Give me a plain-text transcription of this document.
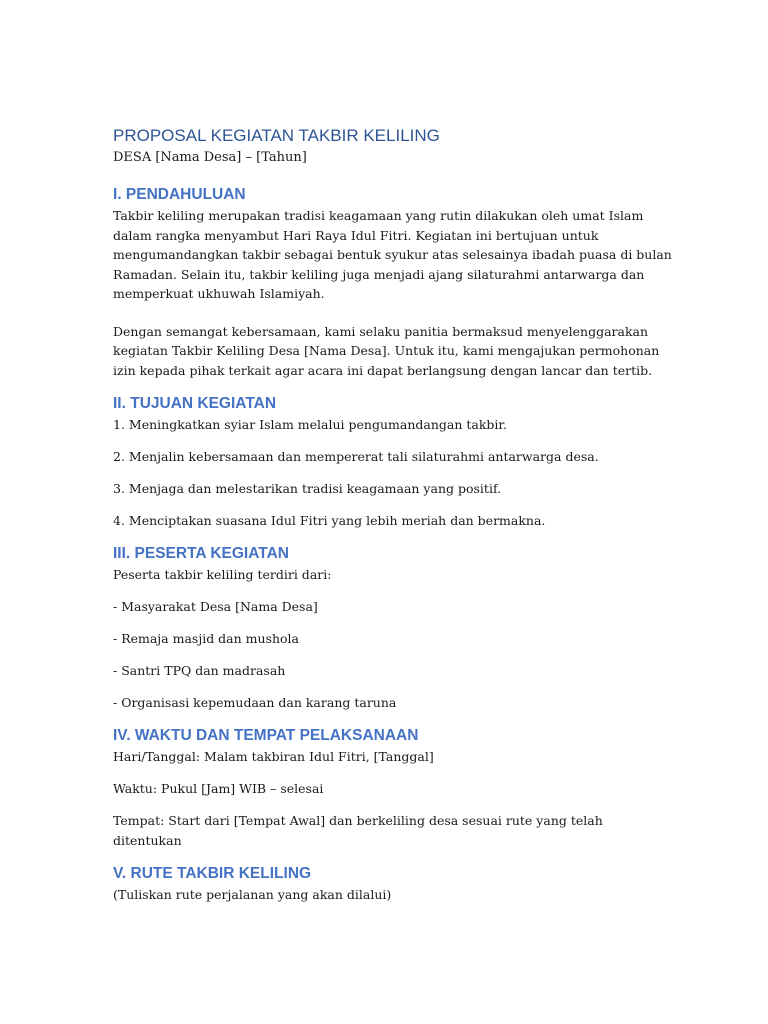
PROPOSAL KEGIATAN TAKBIR KELILING

DESA [Nama Desa] – [Tahun]

I. PENDAHULUAN

Takbir keliling merupakan tradisi keagamaan yang rutin dilakukan oleh umat Islam dalam rangka menyambut Hari Raya Idul Fitri. Kegiatan ini bertujuan untuk mengumandangkan takbir sebagai bentuk syukur atas selesainya ibadah puasa di bulan Ramadan. Selain itu, takbir keliling juga menjadi ajang silaturahmi antarwarga dan memperkuat ukhuwah Islamiyah.

Dengan semangat kebersamaan, kami selaku panitia bermaksud menyelenggarakan kegiatan Takbir Keliling Desa [Nama Desa]. Untuk itu, kami mengajukan permohonan izin kepada pihak terkait agar acara ini dapat berlangsung dengan lancar dan tertib.

II. TUJUAN KEGIATAN

1. Meningkatkan syiar Islam melalui pengumandangan takbir.

2. Menjalin kebersamaan dan mempererat tali silaturahmi antarwarga desa.

3. Menjaga dan melestarikan tradisi keagamaan yang positif.

4. Menciptakan suasana Idul Fitri yang lebih meriah dan bermakna.

III. PESERTA KEGIATAN

Peserta takbir keliling terdiri dari:

- Masyarakat Desa [Nama Desa]

- Remaja masjid dan mushola

- Santri TPQ dan madrasah

- Organisasi kepemudaan dan karang taruna

IV. WAKTU DAN TEMPAT PELAKSANAAN

Hari/Tanggal: Malam takbiran Idul Fitri, [Tanggal]

Waktu: Pukul [Jam] WIB – selesai

Tempat: Start dari [Tempat Awal] dan berkeliling desa sesuai rute yang telah ditentukan

V. RUTE TAKBIR KELILING

(Tuliskan rute perjalanan yang akan dilalui)
